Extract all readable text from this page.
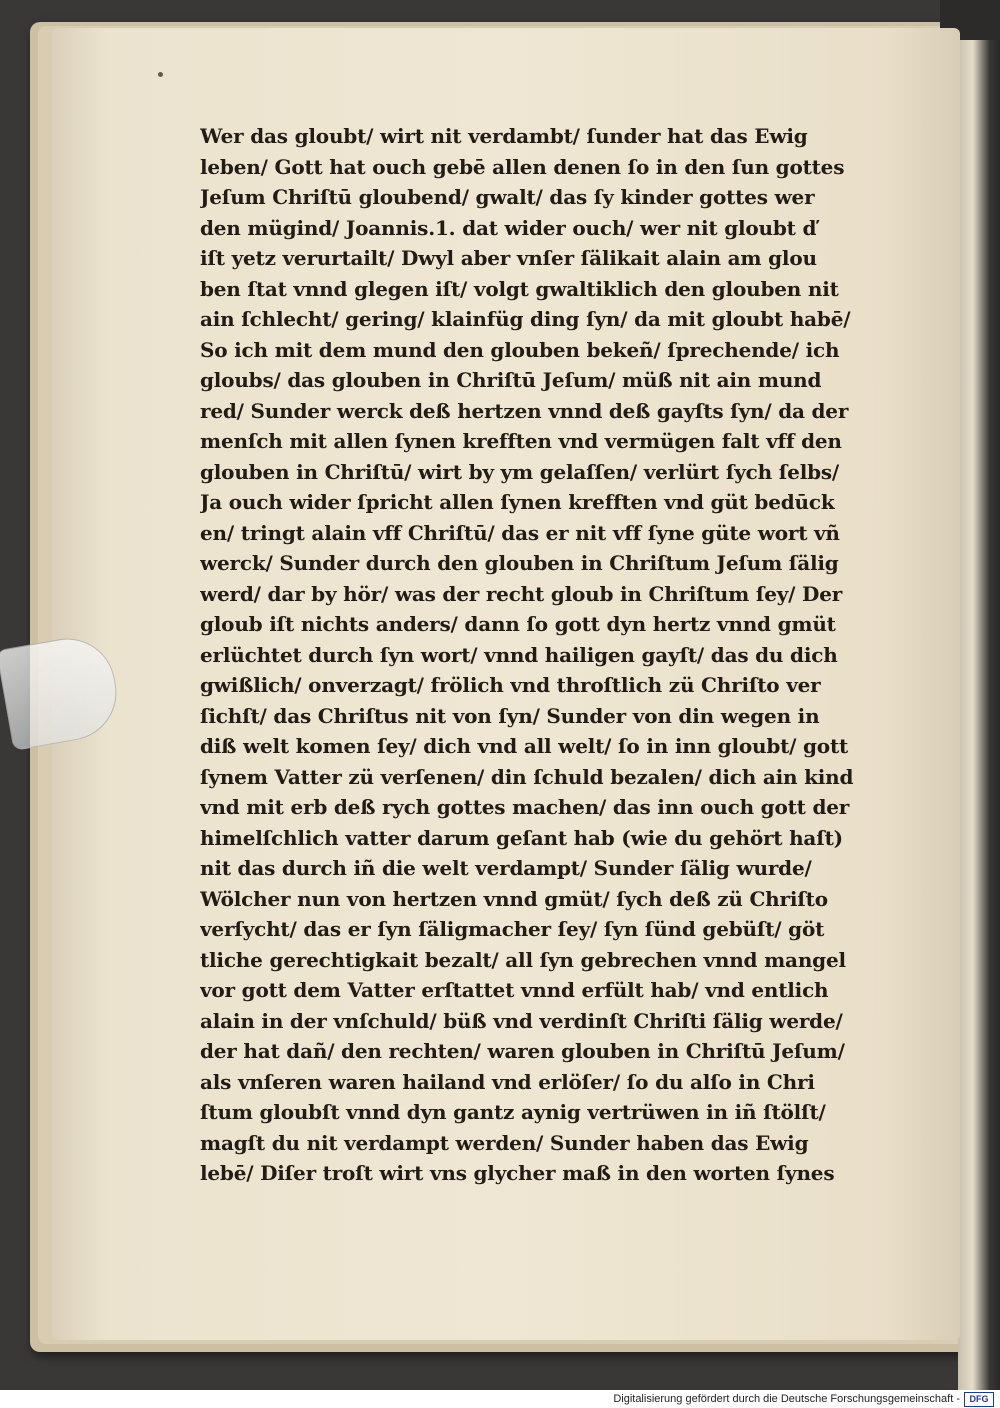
Wer das gloubt/ wirt nit verdambt/ ſunder hat das Ewig
leben/ Gott hat ouch gebē allen denen ſo in den ſun gottes
Jeſum Chriſtū gloubend/ gwalt/ das ſy kinder gottes wer
den mügind/ Joannis.1. dat wider ouch/ wer nit gloubt ď
iſt yetz verurtailt/ Dwyl aber vnſer ſälikait alain am glou
ben ſtat vnnd glegen iſt/ volgt gwaltiklich den glouben nit
ain ſchlecht/ gering/ klainfüg ding ſyn/ da mit gloubt habē/
So ich mit dem mund den glouben bekeñ/ ſprechende/ ich
gloubs/ das glouben in Chriſtū Jeſum/ müß nit ain mund
red/ Sunder werck deß hertzen vnnd deß gayſts ſyn/ da der
menſch mit allen ſynen krefften vnd vermügen falt vff den
glouben in Chriſtū/ wirt by ym gelaſſen/ verlürt ſych ſelbs/
Ja ouch wider ſpricht allen ſynen krefften vnd güt bedūck
en/ tringt alain vff Chriſtū/ das er nit vff ſyne güte wort vñ
werck/ Sunder durch den glouben in Chriſtum Jeſum ſälig
werd/ dar by hör/ was der recht gloub in Chriſtum ſey/ Der
gloub iſt nichts anders/ dann ſo gott dyn hertz vnnd gmüt
erlüchtet durch ſyn wort/ vnnd hailigen gayſt/ das du dich
gwißlich/ onverzagt/ frölich vnd throſtlich zü Chriſto ver
ſichſt/ das Chriſtus nit von ſyn/ Sunder von din wegen in
diß welt komen ſey/ dich vnd all welt/ ſo in inn gloubt/ gott
ſynem Vatter zü verſenen/ din ſchuld bezalen/ dich ain kind
vnd mit erb deß rych gottes machen/ das inn ouch gott der
himelſchlich vatter darum geſant hab (wie du gehört haſt)
nit das durch iñ die welt verdampt/ Sunder ſälig wurde/
Wölcher nun von hertzen vnnd gmüt/ ſych deß zü Chriſto
verſycht/ das er ſyn ſäligmacher ſey/ ſyn ſünd gebüſt/ göt
tliche gerechtigkait bezalt/ all ſyn gebrechen vnnd mangel
vor gott dem Vatter erſtattet vnnd erfült hab/ vnd entlich
alain in der vnſchuld/ büß vnd verdinſt Chriſti ſälig werde/
der hat dañ/ den rechten/ waren glouben in Chriſtū Jeſum/
als vnſeren waren hailand vnd erlöſer/ ſo du alſo in Chri
ſtum gloubſt vnnd dyn gantz aynig vertrüwen in iñ ſtölſt/
magſt du nit verdampt werden/ Sunder haben das Ewig
lebē/ Diſer troſt wirt vns glycher maß in den worten ſynes
Digitalisierung gefördert durch die Deutsche Forschungsgemeinschaft -	DFG
